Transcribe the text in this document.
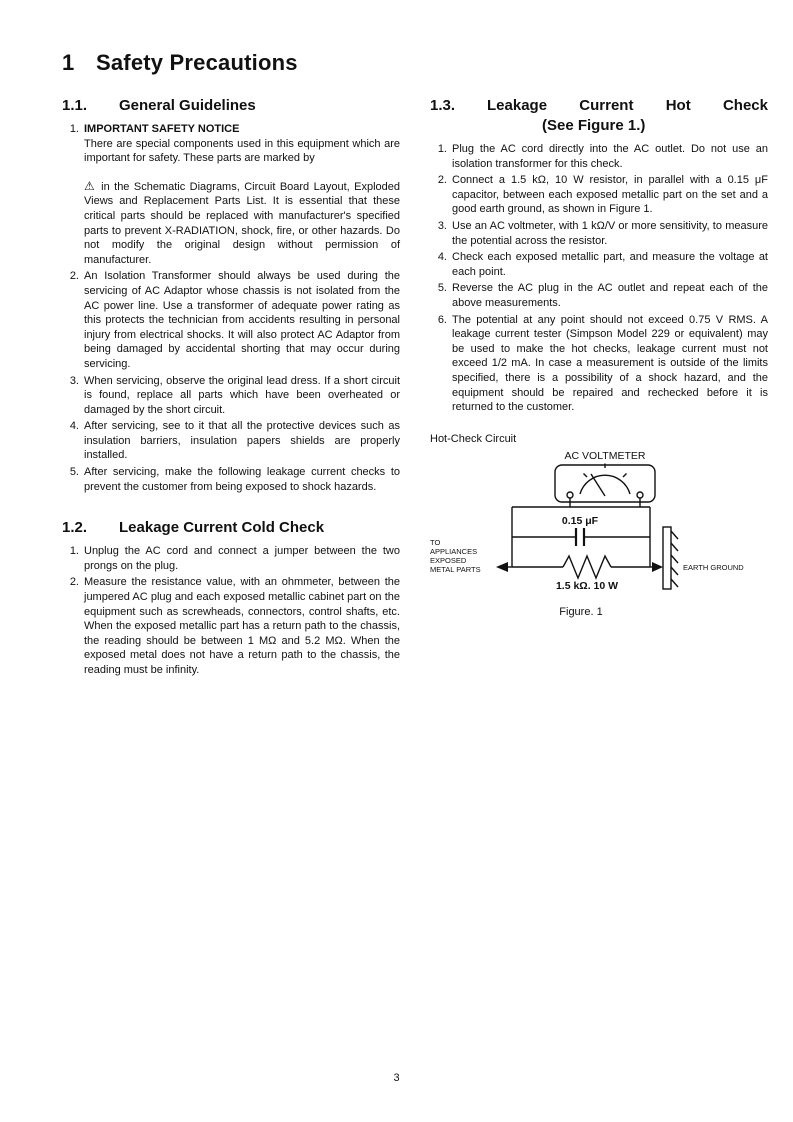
1 Safety Precautions
1.1.	General Guidelines
1. IMPORTANT SAFETY NOTICE
There are special components used in this equipment which are important for safety. These parts are marked by
⚠ in the Schematic Diagrams, Circuit Board Layout, Exploded Views and Replacement Parts List. It is essential that these critical parts should be replaced with manufacturer's specified parts to prevent X-RADIATION, shock, fire, or other hazards. Do not modify the original design without permission of manufacturer.
2. An Isolation Transformer should always be used during the servicing of AC Adaptor whose chassis is not isolated from the AC power line. Use a transformer of adequate power rating as this protects the technician from accidents resulting in personal injury from electrical shocks. It will also protect AC Adaptor from being damaged by accidental shorting that may occur during servicing.
3. When servicing, observe the original lead dress. If a short circuit is found, replace all parts which have been overheated or damaged by the short circuit.
4. After servicing, see to it that all the protective devices such as insulation barriers, insulation papers shields are properly installed.
5. After servicing, make the following leakage current checks to prevent the customer from being exposed to shock hazards.
1.2.	Leakage Current Cold Check
1. Unplug the AC cord and connect a jumper between the two prongs on the plug.
2. Measure the resistance value, with an ohmmeter, between the jumpered AC plug and each exposed metallic cabinet part on the equipment such as screwheads, connectors, control shafts, etc. When the exposed metallic part has a return path to the chassis, the reading should be between 1 MΩ and 5.2 MΩ. When the exposed metal does not have a return path to the chassis, the reading must be infinity.
1.3.	Leakage Current Hot Check
(See Figure 1.)
1. Plug the AC cord directly into the AC outlet. Do not use an isolation transformer for this check.
2. Connect a 1.5 kΩ, 10 W resistor, in parallel with a 0.15 μF capacitor, between each exposed metallic part on the set and a good earth ground, as shown in Figure 1.
3. Use an AC voltmeter, with 1 kΩ/V or more sensitivity, to measure the potential across the resistor.
4. Check each exposed metallic part, and measure the voltage at each point.
5. Reverse the AC plug in the AC outlet and repeat each of the above measurements.
6. The potential at any point should not exceed 0.75 V RMS. A leakage current tester (Simpson Model 229 or equivalent) may be used to make the hot checks, leakage current must not exceed 1/2 mA. In case a measurement is outside of the limits specified, there is a possibility of a shock hazard, and the equipment should be repaired and rechecked before it is returned to the customer.
Hot-Check Circuit
AC VOLTMETER
0.15 μF
1.5 kΩ. 10 W
TO
APPLIANCES
EXPOSED
METAL PARTS	EARTH GROUND
Figure. 1
3
